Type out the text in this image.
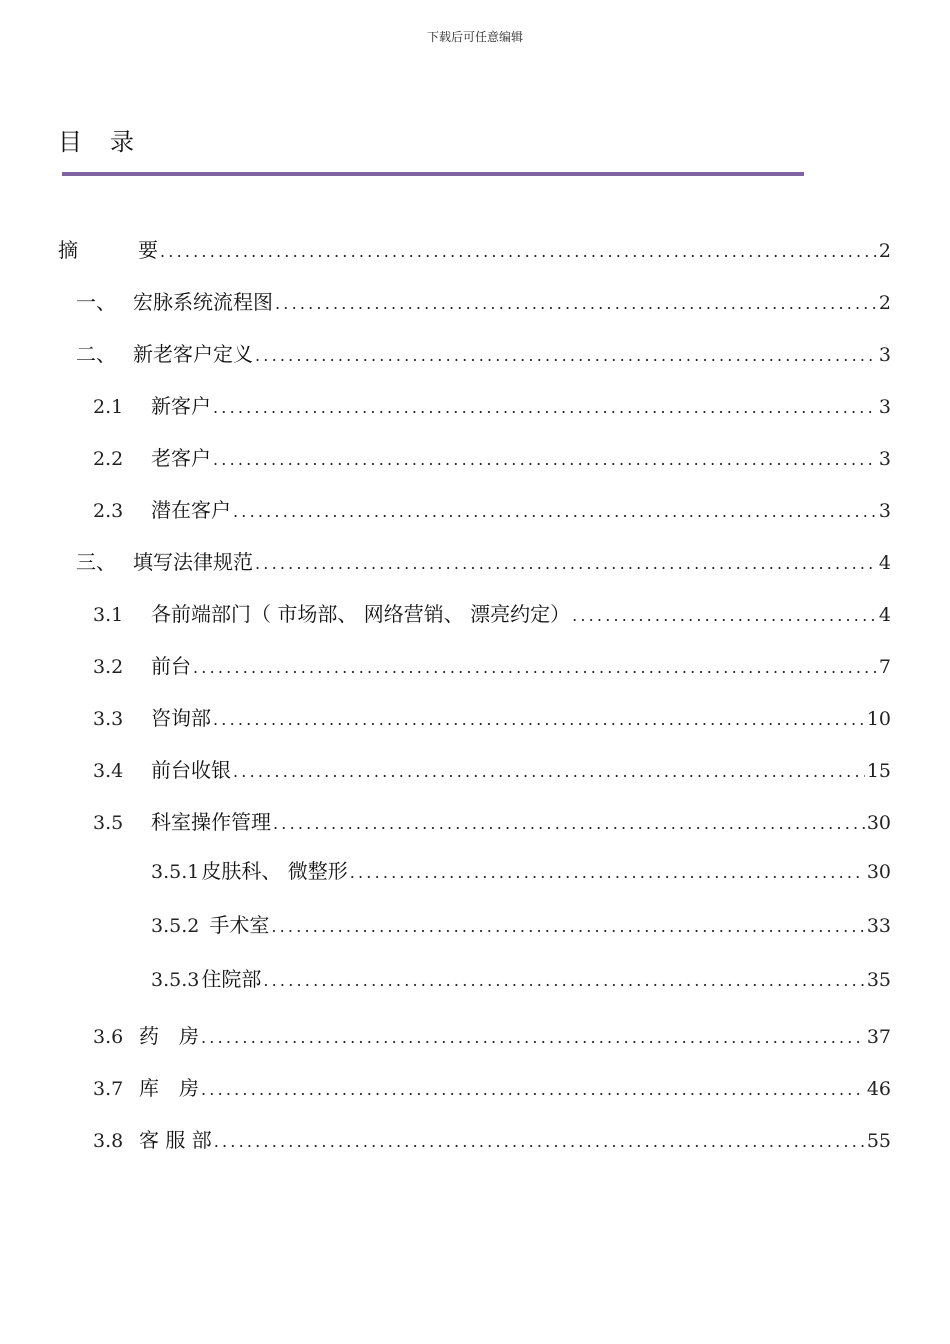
下载后可任意编辑
目　录
摘　　　要 .....	2
一、 宏脉系统流程图 .....	2
二、 新老客户定义 .....	3
2.1	新客户 .....	3
2.2	老客户 .....	3
2.3	潜在客户 .....	3
三、 填写法律规范 .....	4
3.1	各前端部门（ 市场部、 网络营销、 漂亮约定） .....	4
3.2	前台 .....	7
3.3	咨询部 .....	10
3.4	前台收银 .....	15
3.5	科室操作管理 .....	30
3.5.1 皮肤科、 微整形 .....	30
3.5.2 手术室 .....	33
3.5.3 住院部 .....	35
3.6 药　房 .....	37
3.7 库　房 .....	46
3.8 客 服 部 .....	55
